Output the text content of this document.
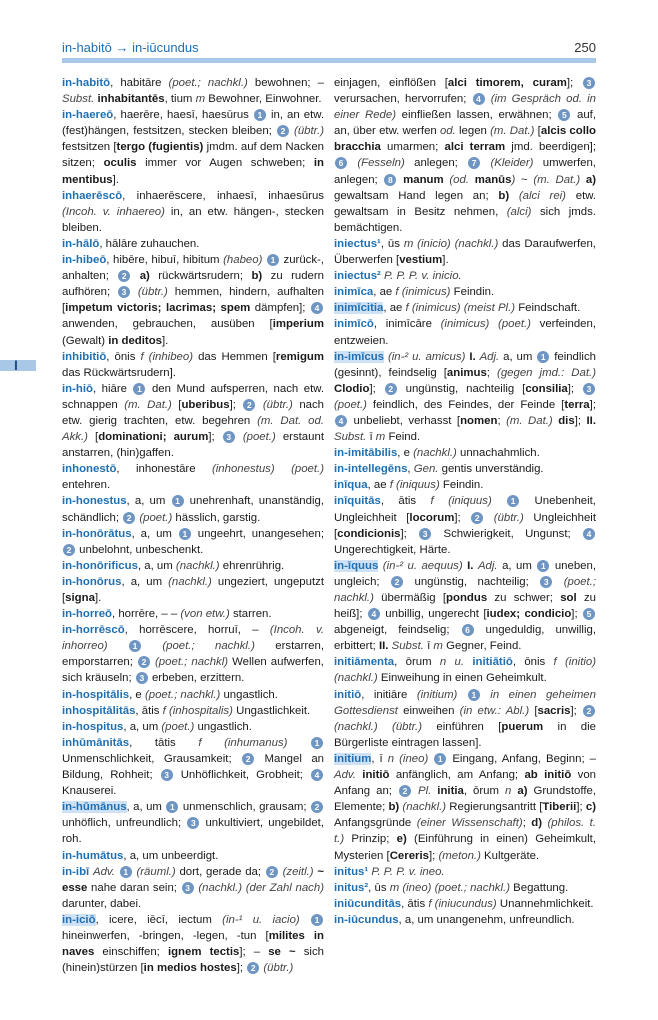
in-habitō → in-iūcundus	250
I
in-habitō, habitāre (poet.; nachkl.) bewohnen; – Subst. inhabitantēs, tium m Bewohner, Einwohner.
in-haereō, haerēre, haesī, haesūrus 1 in, an etw. (fest)hängen, festsitzen, stecken bleiben; 2 (übtr.) festsitzen [tergo (fugientis) jmdm. auf dem Nacken sitzen; oculis immer vor Augen schweben; in mentibus].
inhaerēscō, inhaerēscere, inhaesī, inhaesūrus (Incoh. v. inhaereo) in, an etw. hängen-, stecken bleiben.
in-hālō, hālāre zuhauchen.
in-hibeō, hibēre, hibuī, hibitum (habeo) 1 zurück-, anhalten; 2 a) rückwärtsrudern; b) zu rudern aufhören; 3 (übtr.) hemmen, hindern, aufhalten [impetum victoris; lacrimas; spem dämpfen]; 4 anwenden, gebrauchen, ausüben [imperium (Gewalt) in deditos].
inhibitiō, ōnis f (inhibeo) das Hemmen [remigum das Rückwärtsrudern].
in-hiō, hiāre 1 den Mund aufsperren, nach etw. schnappen (m. Dat.) [uberibus]; 2 (übtr.) nach etw. gierig trachten, etw. begehren (m. Dat. od. Akk.) [dominationi; aurum]; 3 (poet.) erstaunt anstarren, (hin)gaffen.
inhonestō, inhonestāre (inhonestus) (poet.) entehren.
in-honestus, a, um 1 unehrenhaft, unanständig, schändlich; 2 (poet.) hässlich, garstig.
in-honōrātus, a, um 1 ungeehrt, unangesehen; 2 unbelohnt, unbeschenkt.
in-honōrificus, a, um (nachkl.) ehrenrührig.
in-honōrus, a, um (nachkl.) ungeziert, ungeputzt [signa].
in-horreō, horrēre, – – (von etw.) starren.
in-horrēscō, horrēscere, horruī, – (Incoh. v. inhorreo)	1 (poet.; nachkl.) erstarren, emporstarren; 2 (poet.; nachkl) Wellen aufwerfen, sich kräuseln; 3 erbeben, erzittern.
in-hospitālis, e (poet.; nachkl.) ungastlich.
inhospitālitās, ātis f (inhospitalis) Ungastlichkeit.
in-hospitus, a, um (poet.) ungastlich.
inhūmānitās, tātis f (inhumanus)	1 Unmenschlichkeit, Grausamkeit; 2 Mangel an Bildung, Rohheit; 3 Unhöflichkeit, Grobheit; 4 Knauserei.
in-hūmānus, a, um 1 unmenschlich, grausam; 2 unhöflich, unfreundlich; 3 unkultiviert, ungebildet, roh.
in-humātus, a, um unbeerdigt.
in-ibī Adv. 1 (räuml.) dort, gerade da; 2 (zeitl.) ~ esse nahe daran sein; 3 (nachkl.) (der Zahl nach) darunter, dabei.
in-iciō, icere, iēcī, iectum (in-¹ u. iacio) 1 hineinwerfen, -bringen, -legen, -tun [milites in naves einschiffen; ignem tectis]; – se ~ sich (hinein)stürzen [in medios hostes]; 2 (übtr.)
einjagen, einflößen [alci timorem, curam]; 3 verursachen, hervorrufen; 4 (im Gespräch od. in einer Rede) einfließen lassen, erwähnen; 5 auf, an, über etw. werfen od. legen (m. Dat.) [alcis collo bracchia umarmen; alci terram jmd. beerdigen]; 6 (Fesseln) anlegen; 7 (Kleider) umwerfen, anlegen; 8 manum (od. manūs) ~ (m. Dat.) a) gewaltsam Hand legen an; b) (alci rei) etw. gewaltsam in Besitz nehmen, (alci) sich jmds. bemächtigen.
iniectus¹, ūs m (inicio) (nachkl.) das Daraufwerfen, Überwerfen [vestium].
iniectus² P. P. P. v. inicio.
inimīca, ae f (inimicus) Feindin.
inimīcitia, ae f (inimicus) (meist Pl.) Feindschaft.
inimīcō, inimīcāre (inimicus) (poet.) verfeinden, entzweien.
in-imīcus (in-² u. amicus) I. Adj. a, um 1 feindlich (gesinnt), feindselig [animus; (gegen jmd.: Dat.) Clodio]; 2 ungünstig, nachteilig [consilia]; 3 (poet.) feindlich, des Feindes, der Feinde [terra]; 4 unbeliebt, verhasst [nomen; (m. Dat.) dis]; II. Subst. ī m Feind.
in-imitābilis, e (nachkl.) unnachahmlich.
in-intellegēns, Gen. gentis unverständig.
inīqua, ae f (iniquus) Feindin.
inīquitās, ātis f (iniquus) 1 Unebenheit, Ungleichheit [locorum]; 2 (übtr.) Ungleichheit [condicionis]; 3 Schwierigkeit, Ungunst; 4 Ungerechtigkeit, Härte.
in-īquus (in-² u. aequus) I. Adj. a, um 1 uneben, ungleich; 2 ungünstig, nachteilig; 3 (poet.; nachkl.) übermäßig [pondus zu schwer; sol zu heiß]; 4 unbillig, ungerecht [iudex; condicio]; 5 abgeneigt, feindselig; 6 ungeduldig, unwillig, erbittert; II. Subst. ī m Gegner, Feind.
initiāmenta, ōrum n u. initiātiō, ōnis f (initio) (nachkl.) Einweihung in einen Geheimkult.
initiō, initiāre (initium) 1 in einen geheimen Gottesdienst einweihen (in etw.: Abl.) [sacris]; 2 (nachkl.) (übtr.) einführen [puerum in die Bürgerliste eintragen lassen].
initium, ī n (ineo) 1 Eingang, Anfang, Beginn; – Adv. initiō anfänglich, am Anfang; ab initiō von Anfang an; 2 Pl. initia, ōrum n a) Grundstoffe, Elemente; b) (nachkl.) Regierungsantritt [Tiberii]; c) Anfangsgründe (einer Wissenschaft); d) (philos. t. t.) Prinzip; e) (Einführung in einen) Geheimkult, Mysterien [Cereris]; (meton.) Kultgeräte.
initus¹ P. P. P. v. ineo.
initus², ūs m (ineo) (poet.; nachkl.) Begattung.
iniūcunditās, ātis f (iniucundus) Unannehmlichkeit.
in-iūcundus, a, um unangenehm, unfreundlich.
